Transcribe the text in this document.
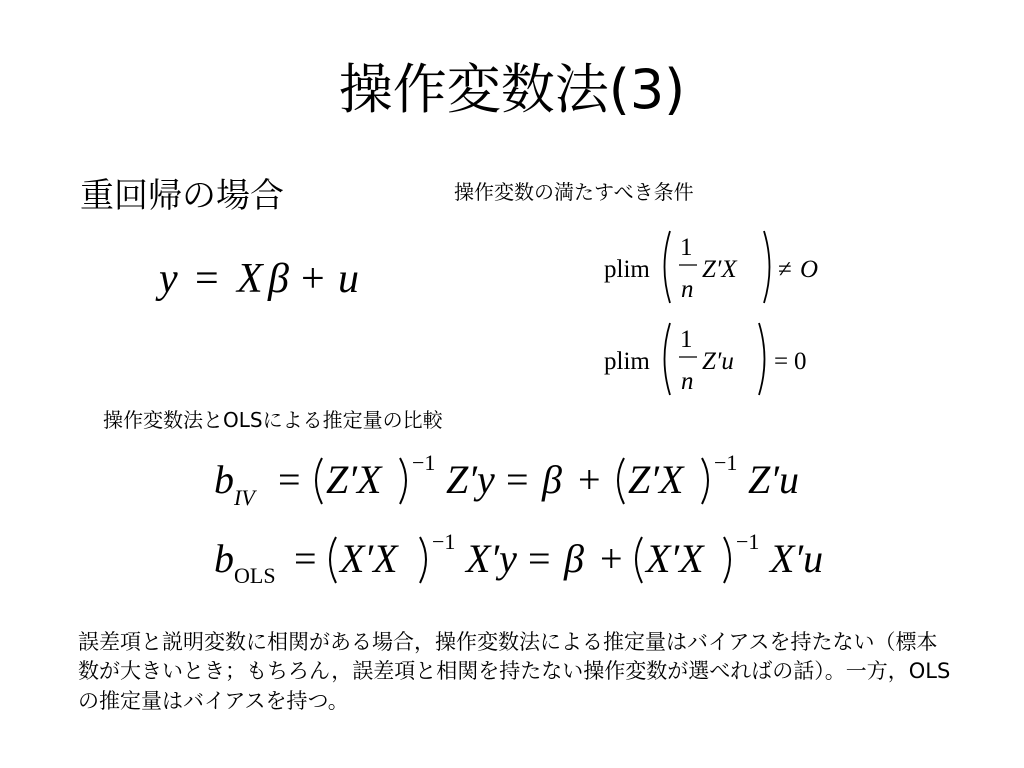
操作変数法(3)
重回帰の場合	操作変数の満たすべき条件
y = X β + u	plim
1
n
Z′X ≠ O
plim
1
n
Z′u = 0
操作変数法とOLSによる推定量の比較
b IV = Z′X −1 Z′y = β + Z′X −1 Z′u
b OLS = X′X −1 X′y = β + X′X −1 X′u
誤差項と説明変数に相関がある場合，操作変数法による推定量はバイアスを持たない（標本数が大きいとき；もちろん，誤差項と相関を持たない操作変数が選べればの話）。一方，OLSの推定量はバイアスを持つ。
